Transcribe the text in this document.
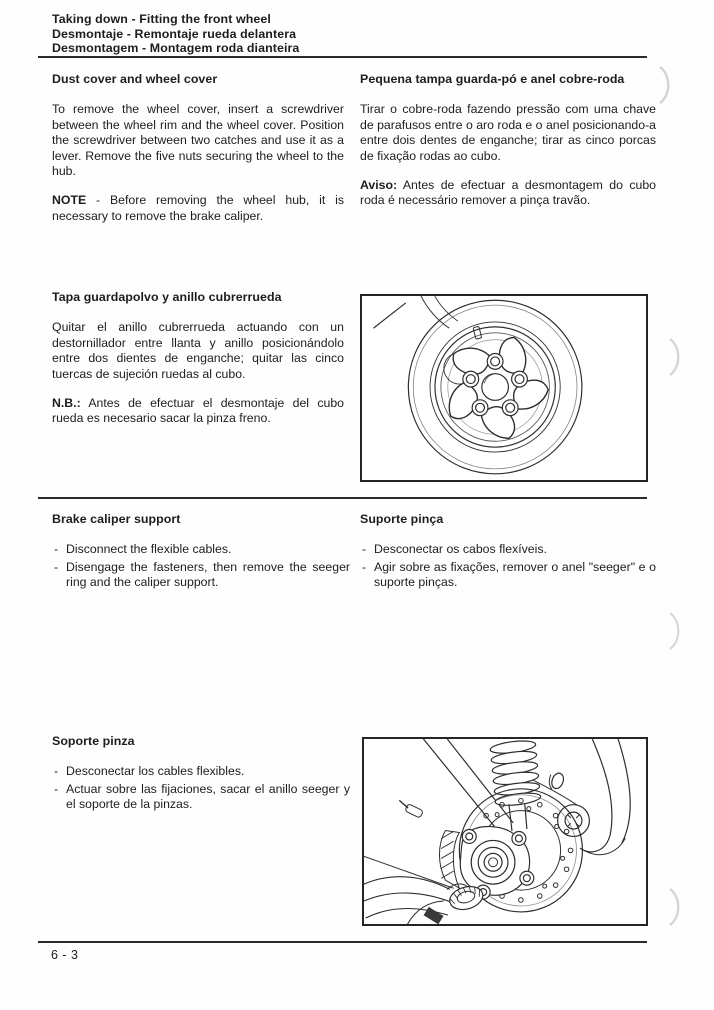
Taking down - Fitting the front wheel
Desmontaje - Remontaje rueda delantera
Desmontagem - Montagem roda dianteira
Dust cover and wheel cover

To remove the wheel cover, insert a screwdriver between the wheel rim and the wheel cover. Position the screwdriver between two catches and use it as a lever. Remove the five nuts securing the wheel to the hub.

NOTE - Before removing the wheel hub, it is necessary to remove the brake caliper.

Pequena tampa guarda-pó e anel cobre-roda

Tirar o cobre-roda fazendo pressão com uma chave de parafusos entre o aro roda e o anel posicionando-a entre dois dentes de enganche; tirar as cinco porcas de fixação rodas ao cubo.

Aviso: Antes de efectuar a desmontagem do cubo roda é necessário remover a pinça travão.

Tapa guardapolvo y anillo cubrerrueda

Quitar el anillo cubrerrueda actuando con un destornillador entre llanta y anillo posicionándolo entre dos dientes de enganche; quitar las cinco tuercas de sujeción ruedas al cubo.

N.B.: Antes de efectuar el desmontaje del cubo rueda es necesario sacar la pinza freno.

Brake caliper support
- Disconnect the flexible cables.
- Disengage the fasteners, then remove the seeger ring and the caliper support.
Suporte pinça
- Desconectar os cabos flexíveis.
- Agir sobre as fixações, remover o anel "seeger" e o suporte pinças.
Soporte pinza
- Desconectar los cables flexibles.
- Actuar sobre las fijaciones, sacar el anillo seeger y el soporte de la pinzas.
6 - 3
